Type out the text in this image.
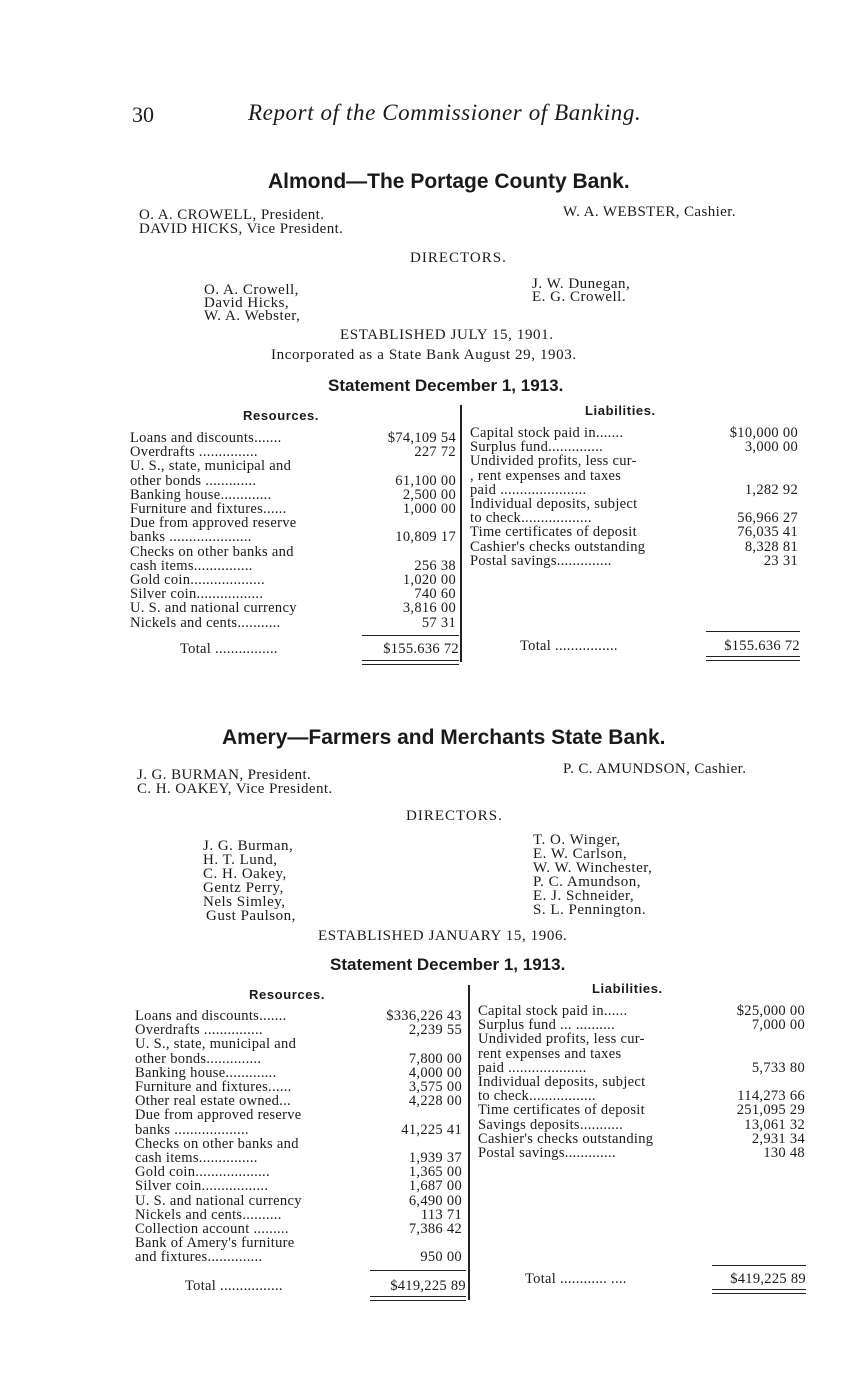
30	Report of the Commissioner of Banking.
Almond—The Portage County Bank.
O. A. CROWELL, President.
DAVID HICKS, Vice President.
W. A. WEBSTER, Cashier.
DIRECTORS.
O. A. Crowell,
David Hicks,
W. A. Webster,
J. W. Dunegan,
E. G. Crowell.
ESTABLISHED JULY 15, 1901.
Incorporated as a State Bank August 29, 1903.
Statement December 1, 1913.
Resources.	Liabilities.
Loans and discounts.......	$74,109 54
Overdrafts ...............	227 72
U. S., state, municipal and
other bonds .............	61,100 00
Banking house.............	2,500 00
Furniture and fixtures......	1,000 00
Due from approved reserve
banks .....................	10,809 17
Checks on other banks and
cash items...............	256 38
Gold coin...................	1,020 00
Silver coin.................	740 60
U. S. and national currency	3,816 00
Nickels and cents...........	57 31
Capital stock paid in.......	$10,000 00
Surplus fund..............	3,000 00
Undivided profits, less cur-
, rent expenses and taxes
paid ......................	1,282 92
Individual deposits, subject
to check..................	56,966 27
Time certificates of deposit	76,035 41
Cashier's checks outstanding	8,328 81
Postal savings..............	23 31
Total ................	$155.636 72	Total ................	$155.636 72
Amery—Farmers and Merchants State Bank.
J. G. BURMAN, President.
C. H. OAKEY, Vice President.
P. C. AMUNDSON, Cashier.
DIRECTORS.
J. G. Burman,
H. T. Lund,
C. H. Oakey,
Gentz Perry,
Nels Simley,
Gust Paulson,
T. O. Winger,
E. W. Carlson,
W. W. Winchester,
P. C. Amundson,
E. J. Schneider,
S. L. Pennington.
ESTABLISHED JANUARY 15, 1906.
Statement December 1, 1913.
Resources.	Liabilities.
Loans and discounts.......	$336,226 43
Overdrafts ...............	2,239 55
U. S., state, municipal and
other bonds..............	7,800 00
Banking house.............	4,000 00
Furniture and fixtures......	3,575 00
Other real estate owned...	4,228 00
Due from approved reserve
banks ...................	41,225 41
Checks on other banks and
cash items...............	1,939 37
Gold coin...................	1,365 00
Silver coin.................	1,687 00
U. S. and national currency	6,490 00
Nickels and cents..........	113 71
Collection account .........	7,386 42
Bank of Amery's furniture
and fixtures..............	950 00
Capital stock paid in......	$25,000 00
Surplus fund ... ..........	7,000 00
Undivided profits, less cur-
rent expenses and taxes
paid ....................	5,733 80
Individual deposits, subject
to check.................	114,273 66
Time certificates of deposit	251,095 29
Savings deposits...........	13,061 32
Cashier's checks outstanding	2,931 34
Postal savings.............	130 48
Total ................	$419,225 89	Total ............ ....	$419,225 89
